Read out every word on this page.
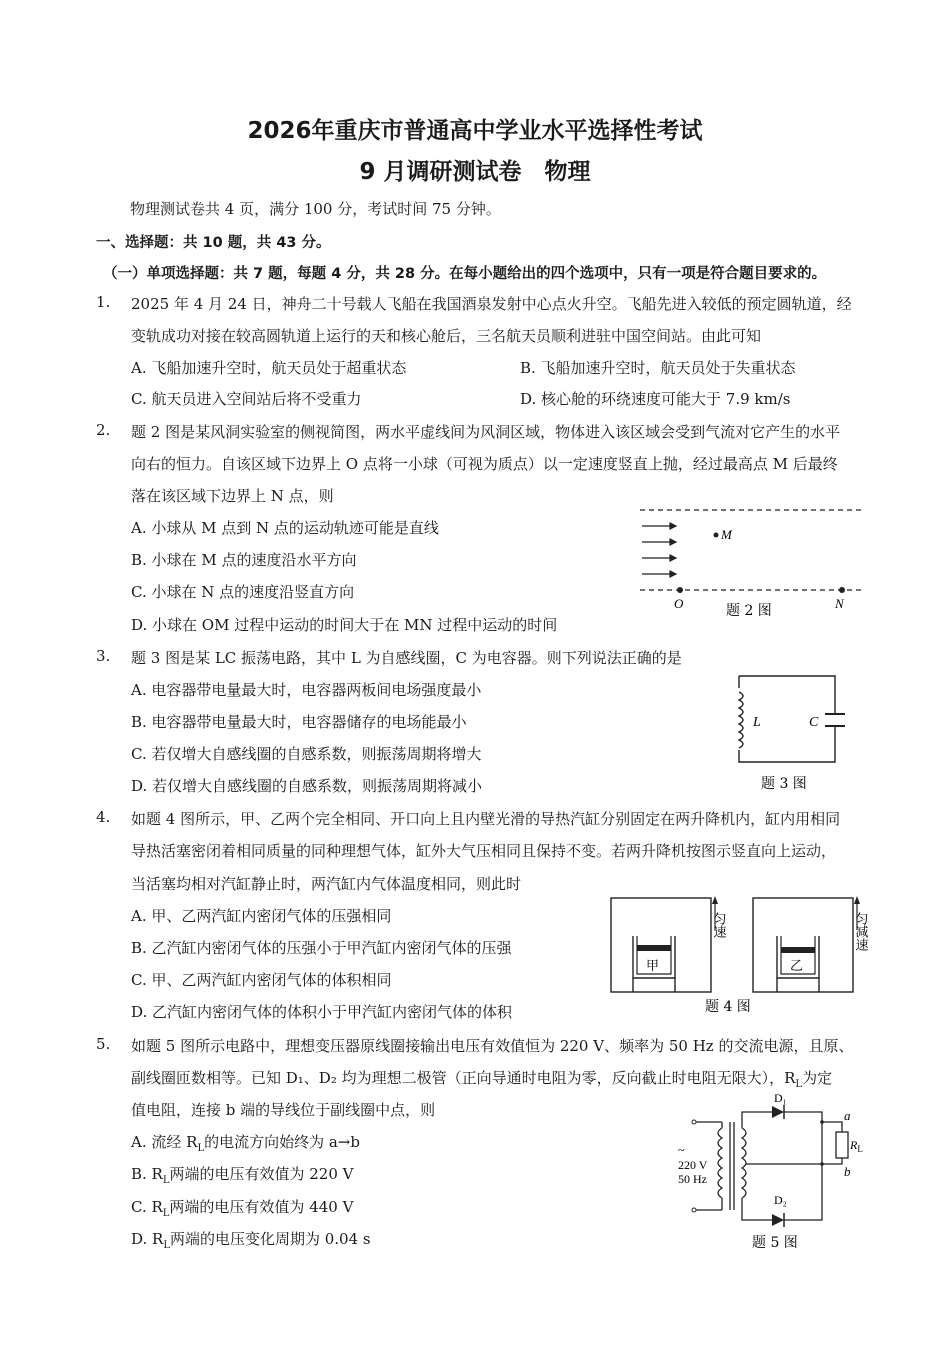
2026年重庆市普通高中学业水平选择性考试
9 月调研测试卷　物理
物理测试卷共 4 页，满分 100 分，考试时间 75 分钟。
一、选择题：共 10 题，共 43 分。
（一）单项选择题：共 7 题，每题 4 分，共 28 分。在每小题给出的四个选项中，只有一项是符合题目要求的。
1. 2025 年 4 月 24 日，神舟二十号载人飞船在我国酒泉发射中心点火升空。飞船先进入较低的预定圆轨道，经
变轨成功对接在较高圆轨道上运行的天和核心舱后，三名航天员顺利进驻中国空间站。由此可知
A. 飞船加速升空时，航天员处于超重状态	B. 飞船加速升空时，航天员处于失重状态
C. 航天员进入空间站后将不受重力	D. 核心舱的环绕速度可能大于 7.9 km/s
2. 题 2 图是某风洞实验室的侧视简图，两水平虚线间为风洞区域，物体进入该区域会受到气流对它产生的水平
向右的恒力。自该区域下边界上 O 点将一小球（可视为质点）以一定速度竖直上抛，经过最高点 M 后最终
落在该区域下边界上 N 点，则
A. 小球从 M 点到 N 点的运动轨迹可能是直线
B. 小球在 M 点的速度沿水平方向
C. 小球在 N 点的速度沿竖直方向
D. 小球在 OM 过程中运动的时间大于在 MN 过程中运动的时间
M
O	N
题 2 图
3. 题 3 图是某 LC 振荡电路，其中 L 为自感线圈，C 为电容器。则下列说法正确的是
A. 电容器带电量最大时，电容器两板间电场强度最小
B. 电容器带电量最大时，电容器储存的电场能最小
C. 若仅增大自感线圈的自感系数，则振荡周期将增大
D. 若仅增大自感线圈的自感系数，则振荡周期将减小
L	C
题 3 图
4. 如题 4 图所示，甲、乙两个完全相同、开口向上且内壁光滑的导热汽缸分别固定在两升降机内，缸内用相同
导热活塞密闭着相同质量的同种理想气体，缸外大气压相同且保持不变。若两升降机按图示竖直向上运动，
当活塞均相对汽缸静止时，两汽缸内气体温度相同，则此时
A. 甲、乙两汽缸内密闭气体的压强相同
B. 乙汽缸内密闭气体的压强小于甲汽缸内密闭气体的压强
C. 甲、乙两汽缸内密闭气体的体积相同
D. 乙汽缸内密闭气体的体积小于甲汽缸内密闭气体的体积
甲
匀速
乙
匀减速
题 4 图
5. 如题 5 图所示电路中，理想变压器原线圈接输出电压有效值恒为 220 V、频率为 50 Hz 的交流电源，且原、
副线圈匝数相等。已知 D₁、D₂ 均为理想二极管（正向导通时电阻为零，反向截止时电阻无限大），$R_L$为定
值电阻，连接 b 端的导线位于副线圈中点，则
A. 流经 $R_L$的电流方向始终为 a→b
B. $R_L$两端的电压有效值为 220 V
C. $R_L$两端的电压有效值为 440 V
D. $R_L$两端的电压变化周期为 0.04 s
~
220 V
50 Hz
D₁
D₂
$R_L$
a
b
题 5 图
